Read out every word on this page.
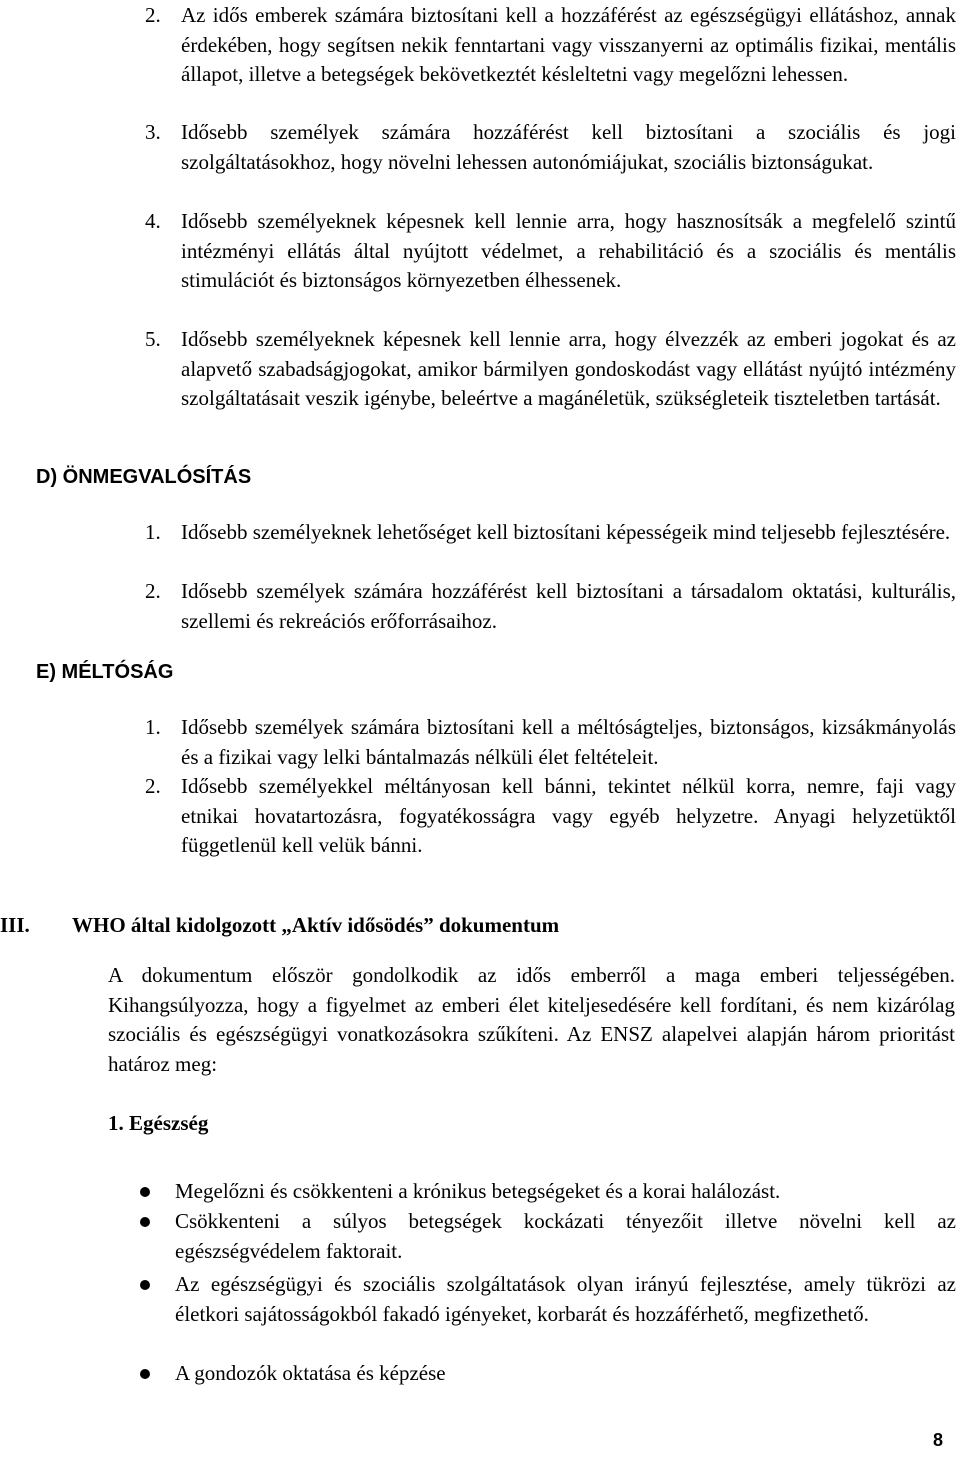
2. Az idős emberek számára biztosítani kell a hozzáférést az egészségügyi ellátáshoz, annak érdekében, hogy segítsen nekik fenntartani vagy visszanyerni az optimális fizikai, mentális állapot, illetve a betegségek bekövetkeztét késleltetni vagy megelőzni lehessen.
3. Idősebb személyek számára hozzáférést kell biztosítani a szociális és jogi szolgáltatásokhoz, hogy növelni lehessen autonómiájukat, szociális biztonságukat.
4. Idősebb személyeknek képesnek kell lennie arra, hogy hasznosítsák a megfelelő szintű intézményi ellátás által nyújtott védelmet, a rehabilitáció és a szociális és mentális stimulációt és biztonságos környezetben élhessenek.
5. Idősebb személyeknek képesnek kell lennie arra, hogy élvezzék az emberi jogokat és az alapvető szabadságjogokat, amikor bármilyen gondoskodást vagy ellátást nyújtó intézmény szolgáltatásait veszik igénybe, beleértve a magánéletük, szükségleteik tiszteletben tartását.
D) ÖNMEGVALÓSÍTÁS
1. Idősebb személyeknek lehetőséget kell biztosítani képességeik mind teljesebb fejlesztésére.
2. Idősebb személyek számára hozzáférést kell biztosítani a társadalom oktatási, kulturális, szellemi és rekreációs erőforrásaihoz.
E) MÉLTÓSÁG
1. Idősebb személyek számára biztosítani kell a méltóságteljes, biztonságos, kizsákmányolás és a fizikai vagy lelki bántalmazás nélküli élet feltételeit.
2. Idősebb személyekkel méltányosan kell bánni, tekintet nélkül korra, nemre, faji vagy etnikai hovatartozásra, fogyatékosságra vagy egyéb helyzetre. Anyagi helyzetüktől függetlenül kell velük bánni.
III. WHO által kidolgozott „Aktív idősödés” dokumentum
A dokumentum először gondolkodik az idős emberről a maga emberi teljességében. Kihangsúlyozza, hogy a figyelmet az emberi élet kiteljesedésére kell fordítani, és nem kizárólag szociális és egészségügyi vonatkozásokra szűkíteni. Az ENSZ alapelvei alapján három prioritást határoz meg:
1. Egészség
Megelőzni és csökkenteni a krónikus betegségeket és a korai halálozást.
Csökkenteni a súlyos betegségek kockázati tényezőit illetve növelni kell az egészségvédelem faktorait.
Az egészségügyi és szociális szolgáltatások olyan irányú fejlesztése, amely tükrözi az életkori sajátosságokból fakadó igényeket, korbarát és hozzáférhető, megfizethető.
A gondozók oktatása és képzése
8
